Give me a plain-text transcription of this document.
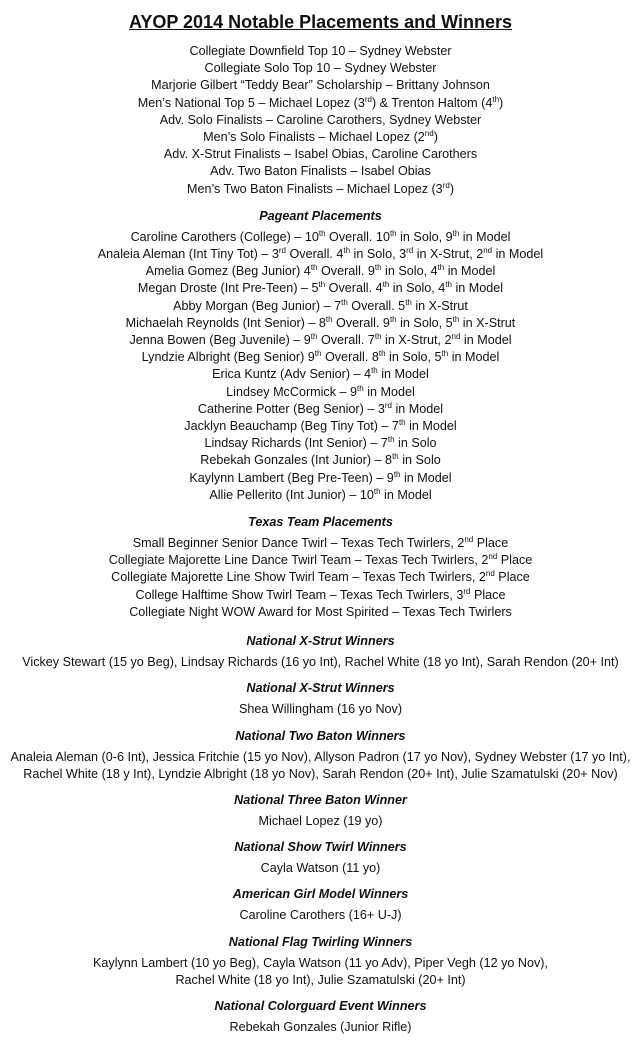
AYOP 2014 Notable Placements and Winners
Collegiate Downfield Top 10 – Sydney Webster
Collegiate Solo Top 10 – Sydney Webster
Marjorie Gilbert “Teddy Bear” Scholarship – Brittany Johnson
Men’s National Top 5 – Michael Lopez (3rd) & Trenton Haltom (4th)
Adv. Solo Finalists – Caroline Carothers, Sydney Webster
Men’s Solo Finalists – Michael Lopez (2nd)
Adv. X-Strut Finalists – Isabel Obias, Caroline Carothers
Adv. Two Baton Finalists – Isabel Obias
Men’s Two Baton Finalists – Michael Lopez (3rd)
Pageant Placements
Caroline Carothers (College) – 10th Overall. 10th in Solo, 9th in Model
Analeia Aleman (Int Tiny Tot) – 3rd Overall. 4th in Solo, 3rd in X-Strut, 2nd in Model
Amelia Gomez (Beg Junior) 4th Overall. 9th in Solo, 4th in Model
Megan Droste (Int Pre-Teen) – 5th Overall. 4th in Solo, 4th in Model
Abby Morgan (Beg Junior) – 7th Overall. 5th in X-Strut
Michaelah Reynolds (Int Senior) – 8th Overall. 9th in Solo, 5th in X-Strut
Jenna Bowen (Beg Juvenile) – 9th Overall. 7th in X-Strut, 2nd in Model
Lyndzie Albright (Beg Senior) 9th Overall. 8th in Solo, 5th in Model
Erica Kuntz (Adv Senior) – 4th in Model
Lindsey McCormick – 9th in Model
Catherine Potter (Beg Senior) – 3rd in Model
Jacklyn Beauchamp (Beg Tiny Tot) – 7th in Model
Lindsay Richards (Int Senior) – 7th in Solo
Rebekah Gonzales (Int Junior) – 8th in Solo
Kaylynn Lambert (Beg Pre-Teen) – 9th in Model
Allie Pellerito (Int Junior) – 10th in Model
Texas Team Placements
Small Beginner Senior Dance Twirl – Texas Tech Twirlers, 2nd Place
Collegiate Majorette Line Dance Twirl Team – Texas Tech Twirlers, 2nd Place
Collegiate Majorette Line Show Twirl Team – Texas Tech Twirlers, 2nd Place
College Halftime Show Twirl Team – Texas Tech Twirlers, 3rd Place
Collegiate Night WOW Award for Most Spirited – Texas Tech Twirlers
National X-Strut Winners
Vickey Stewart (15 yo Beg), Lindsay Richards (16 yo Int), Rachel White (18 yo Int), Sarah Rendon (20+ Int)
National X-Strut Winners
Shea Willingham (16 yo Nov)
National Two Baton Winners
Analeia Aleman (0-6 Int), Jessica Fritchie (15 yo Nov), Allyson Padron (17 yo Nov), Sydney Webster (17 yo Int),
Rachel White (18 y Int), Lyndzie Albright (18 yo Nov), Sarah Rendon (20+ Int), Julie Szamatulski (20+ Nov)
National Three Baton Winner
Michael Lopez (19 yo)
National Show Twirl Winners
Cayla Watson (11 yo)
American Girl Model Winners
Caroline Carothers (16+ U-J)
National Flag Twirling Winners
Kaylynn Lambert (10 yo Beg), Cayla Watson (11 yo Adv), Piper Vegh (12 yo Nov),
Rachel White (18 yo Int), Julie Szamatulski (20+ Int)
National Colorguard Event Winners
Rebekah Gonzales (Junior Rifle)
